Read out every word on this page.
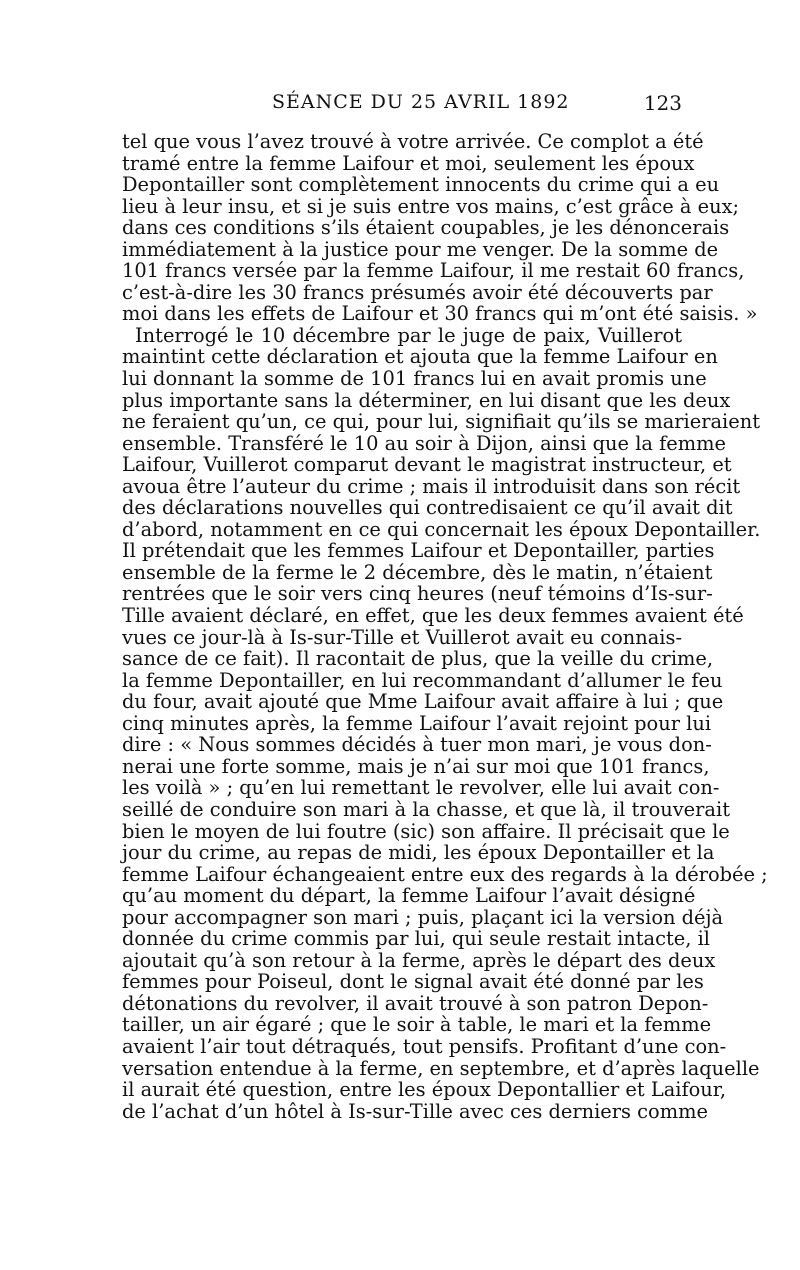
SÉANCE DU 25 AVRIL 1892	123
tel que vous l’avez trouvé à votre arrivée. Ce complot a été
tramé entre la femme Laifour et moi, seulement les époux
Depontailler sont complètement innocents du crime qui a eu
lieu à leur insu, et si je suis entre vos mains, c’est grâce à eux;
dans ces conditions s’ils étaient coupables, je les dénoncerais
immédiatement à la justice pour me venger. De la somme de
101 francs versée par la femme Laifour, il me restait 60 francs,
c’est-à-dire les 30 francs présumés avoir été découverts par
moi dans les effets de Laifour et 30 francs qui m’ont été saisis. »
Interrogé le 10 décembre par le juge de paix, Vuillerot
maintint cette déclaration et ajouta que la femme Laifour en
lui donnant la somme de 101 francs lui en avait promis une
plus importante sans la déterminer, en lui disant que les deux
ne feraient qu’un, ce qui, pour lui, signifiait qu’ils se marieraient
ensemble. Transféré le 10 au soir à Dijon, ainsi que la femme
Laifour, Vuillerot comparut devant le magistrat instructeur, et
avoua être l’auteur du crime ; mais il introduisit dans son récit
des déclarations nouvelles qui contredisaient ce qu’il avait dit
d’abord, notamment en ce qui concernait les époux Depontailler.
Il prétendait que les femmes Laifour et Depontailler, parties
ensemble de la ferme le 2 décembre, dès le matin, n’étaient
rentrées que le soir vers cinq heures (neuf témoins d’Is-sur-
Tille avaient déclaré, en effet, que les deux femmes avaient été
vues ce jour-là à Is-sur-Tille et Vuillerot avait eu connais-
sance de ce fait). Il racontait de plus, que la veille du crime,
la femme Depontailler, en lui recommandant d’allumer le feu
du four, avait ajouté que Mme Laifour avait affaire à lui ; que
cinq minutes après, la femme Laifour l’avait rejoint pour lui
dire : « Nous sommes décidés à tuer mon mari, je vous don-
nerai une forte somme, mais je n’ai sur moi que 101 francs,
les voilà » ; qu’en lui remettant le revolver, elle lui avait con-
seillé de conduire son mari à la chasse, et que là, il trouverait
bien le moyen de lui foutre (sic) son affaire. Il précisait que le
jour du crime, au repas de midi, les époux Depontailler et la
femme Laifour échangeaient entre eux des regards à la dérobée ;
qu’au moment du départ, la femme Laifour l’avait désigné
pour accompagner son mari ; puis, plaçant ici la version déjà
donnée du crime commis par lui, qui seule restait intacte, il
ajoutait qu’à son retour à la ferme, après le départ des deux
femmes pour Poiseul, dont le signal avait été donné par les
détonations du revolver, il avait trouvé à son patron Depon-
tailler, un air égaré ; que le soir à table, le mari et la femme
avaient l’air tout détraqués, tout pensifs. Profitant d’une con-
versation entendue à la ferme, en septembre, et d’après laquelle
il aurait été question, entre les époux Depontallier et Laifour,
de l’achat d’un hôtel à Is-sur-Tille avec ces derniers comme
